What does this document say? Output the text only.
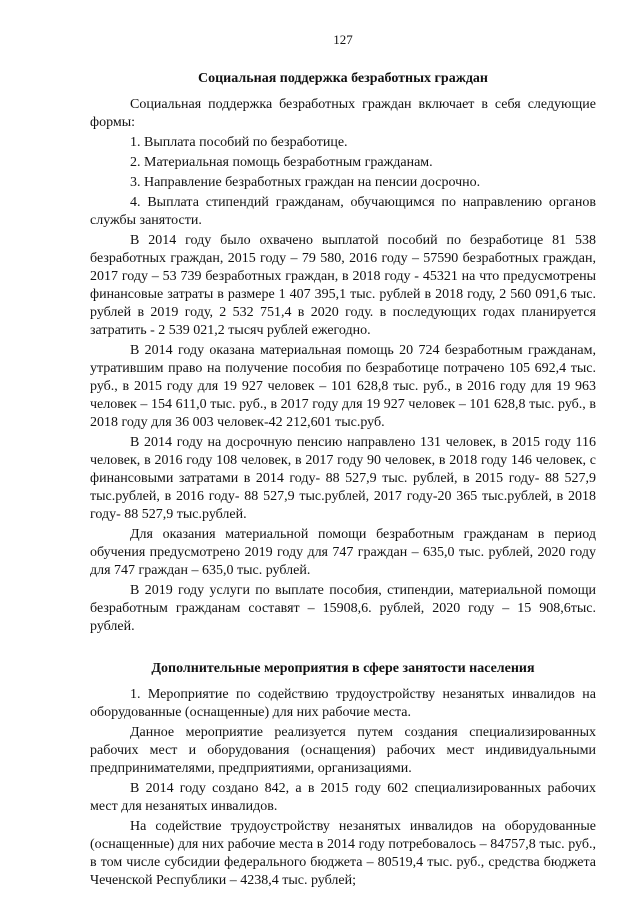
127
Социальная поддержка безработных граждан

Социальная поддержка безработных граждан включает в себя следующие формы:

1. Выплата пособий по безработице.

2. Материальная помощь безработным гражданам.

3. Направление безработных граждан на пенсии досрочно.

4. Выплата стипендий гражданам, обучающимся по направлению органов службы занятости.

В 2014 году было охвачено выплатой пособий по безработице 81 538 безработных граждан, 2015 году – 79 580, 2016 году – 57590 безработных граждан, 2017 году – 53 739 безработных граждан, в 2018 году - 45321 на что предусмотрены финансовые затраты в размере 1 407 395,1 тыс. рублей в 2018 году, 2 560 091,6 тыс. рублей в 2019 году, 2 532 751,4 в 2020 году. в последующих годах планируется затратить - 2 539 021,2 тысяч рублей ежегодно.

В 2014 году оказана материальная помощь 20 724 безработным гражданам, утратившим право на получение пособия по безработице потрачено 105 692,4 тыс. руб., в 2015 году для 19 927 человек – 101 628,8 тыс. руб., в 2016 году для 19 963 человек – 154 611,0 тыс. руб., в 2017 году для 19 927 человек – 101 628,8 тыс. руб., в 2018 году для 36 003 человек-42 212,601 тыс.руб.

В 2014 году на досрочную пенсию направлено 131 человек, в 2015 году 116 человек, в 2016 году 108 человек, в 2017 году 90 человек, в 2018 году 146 человек, с финансовыми затратами в 2014 году- 88 527,9 тыс. рублей, в 2015 году- 88 527,9 тыс.рублей, в 2016 году- 88 527,9 тыс.рублей, 2017 году-20 365 тыс.рублей, в 2018 году- 88 527,9 тыс.рублей.

Для оказания материальной помощи безработным гражданам в период обучения предусмотрено 2019 году для 747 граждан – 635,0 тыс. рублей, 2020 году для 747 граждан – 635,0 тыс. рублей.

В 2019 году услуги по выплате пособия, стипендии, материальной помощи безработным гражданам составят – 15908,6. рублей, 2020 году – 15 908,6тыс. рублей.

Дополнительные мероприятия в сфере занятости населения

1. Мероприятие по содействию трудоустройству незанятых инвалидов на оборудованные (оснащенные) для них рабочие места.

Данное мероприятие реализуется путем создания специализированных рабочих мест и оборудования (оснащения) рабочих мест индивидуальными предпринимателями, предприятиями, организациями.

В 2014 году создано 842, а в 2015 году 602 специализированных рабочих мест для незанятых инвалидов.

На содействие трудоустройству незанятых инвалидов на оборудованные (оснащенные) для них рабочие места в 2014 году потребовалось – 84757,8 тыс. руб., в том числе субсидии федерального бюджета – 80519,4 тыс. руб., средства бюджета Чеченской Республики – 4238,4 тыс. рублей;
